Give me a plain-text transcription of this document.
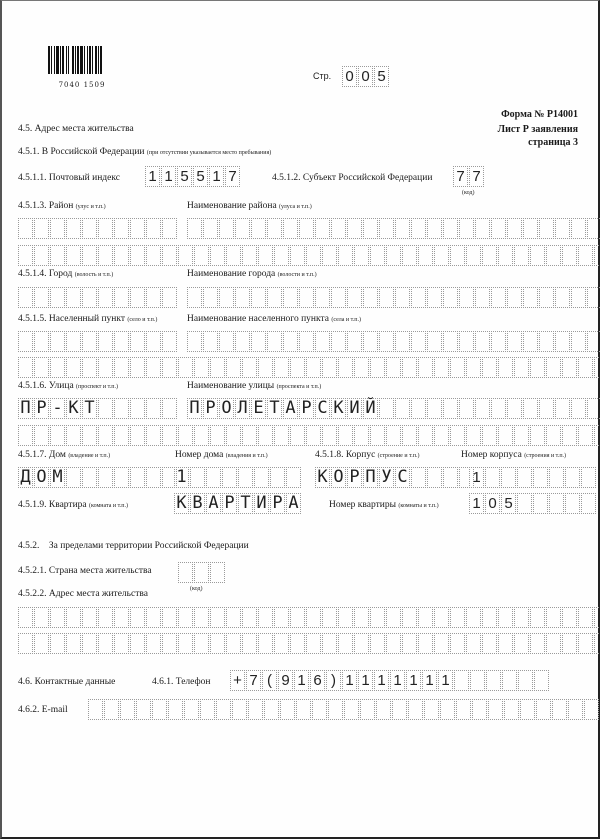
7040 1509
Стр. 0 0 5
Форма № Р14001
Лист Р заявления
страница 3
4.5. Адрес места жительства
4.5.1. В Российской Федерации (при отсутствии указывается место пребывания)
4.5.1.1. Почтовый индекс 1 1 5 5 1 7	4.5.1.2. Субъект Российской Федерации 7 7
(код)
4.5.1.3. Район (улус и т.п.)	Наименование района (улуса и т.п.)
4.5.1.4. Город (волость и т.п.)	Наименование города (волости и т.п.)
4.5.1.5. Населенный пункт (село и т.п.)	Наименование населенного пункта (села и т.п.)
4.5.1.6. Улица (проспект и т.п.)	Наименование улицы (проспекта и т.п.)
П Р - К Т	П Р О Л Е Т А Р С К И Й
4.5.1.7. Дом (владение и т.п.)	Номер дома (владения и т.п.)	4.5.1.8. Корпус (строение и т.п.)	Номер корпуса (строения и т.п.)
Д О М	1	К О Р П У С	1
4.5.1.9. Квартира (комната и т.п.)	К В А Р Т И Р А	Номер квартиры (комнаты и т.п.) 1 0 5
4.5.2.    За пределами территории Российской Федерации
4.5.2.1. Страна места жительства
(код)
4.5.2.2. Адрес места жительства
4.6. Контактные данные	4.6.1. Телефон + 7 ( 9 1 6 ) 1 1 1 1 1 1 1
4.6.2. E-mail
